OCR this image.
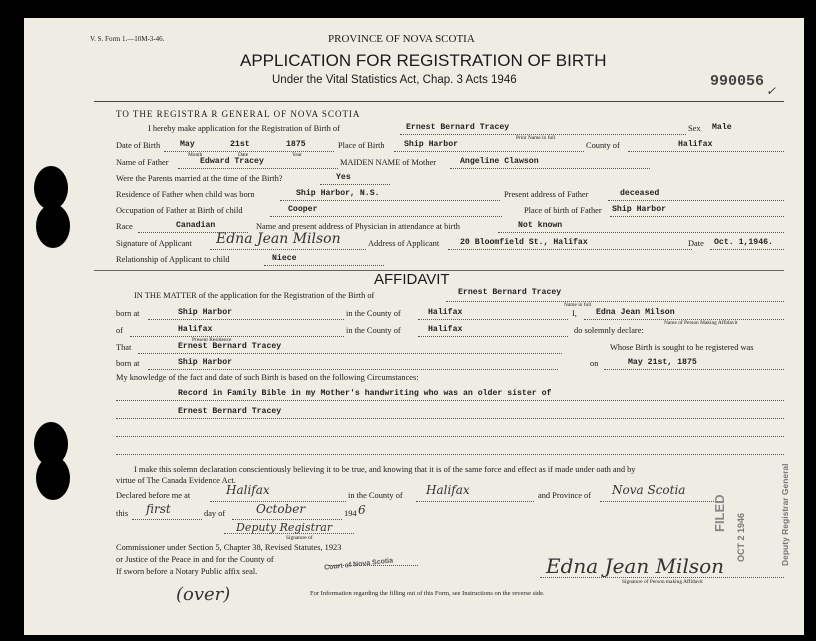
V. S. Form 1.—10M-3-46.	PROVINCE OF NOVA SCOTIA
APPLICATION FOR REGISTRATION OF BIRTH
Under the Vital Statistics Act, Chap. 3 Acts 1946	990056
✓
TO THE REGISTRA R GENERAL OF NOVA SCOTIA
I hereby make application for the Registration of Birth of	Ernest Bernard Tracey
Print Name in full
Sex Male
Date of Birth May	21st	1875
Month	Date	Year
Place of Birth Ship Harbor	County of	Halifax
Name of Father	Edward Tracey	MAIDEN NAME of Mother	Angeline Clawson
Were the Parents married at the time of the Birth?	Yes
Residence of Father when child was born	Ship Harbor, N.S.	Present address of Father	deceased
Occupation of Father at Birth of child	Cooper	Place of birth of Father Ship Harbor
Race	Canadian	Name and present address of Physician in attendance at birth	Not known
Signature of Applicant Edna Jean Milson	Address of Applicant	20 Bloomfield St., Halifax	Date Oct. 1,1946.
Relationship of Applicant to child	Niece
AFFIDAVIT
IN THE MATTER of the application for the Registration of the Birth of	Ernest Bernard Tracey
Name in full
born at	Ship Harbor	in the County of	Halifax	I, Edna Jean Milson
Name of Person Making Affidavit
of	Halifax
Present Residence
in the County of	Halifax	do solemnly declare:
That	Ernest Bernard Tracey	Whose Birth is sought to be registered was
born at	Ship Harbor	on	May 21st, 1875
My knowledge of the fact and date of such Birth is based on the following Circumstances:
Record in Family Bible in my Mother's handwriting who was an older sister of
Ernest Bernard Tracey
I make this solemn declaration conscientiously believing it to be true, and knowing that it is of the same force and effect as if made under oath and by
virtue of The Canada Evidence Act.
Declared before me at	Halifax	in the County of Halifax	and Province of Nova Scotia
this first	day of	October	194 6
Deputy Registrar
Signature of
Commissioner under Section 5, Chapter 38, Revised Statutes, 1923
or Justice of the Peace in and for the County of	Court of Nova Scotia
If sworn before a Notary Public affix seal.	Edna Jean Milson
Signature of Person making Affidavit
For Information regarding the filling out of this Form, see Instructions on the reverse side.
(over)
FILED OCT 2 1946	Deputy Registrar General
